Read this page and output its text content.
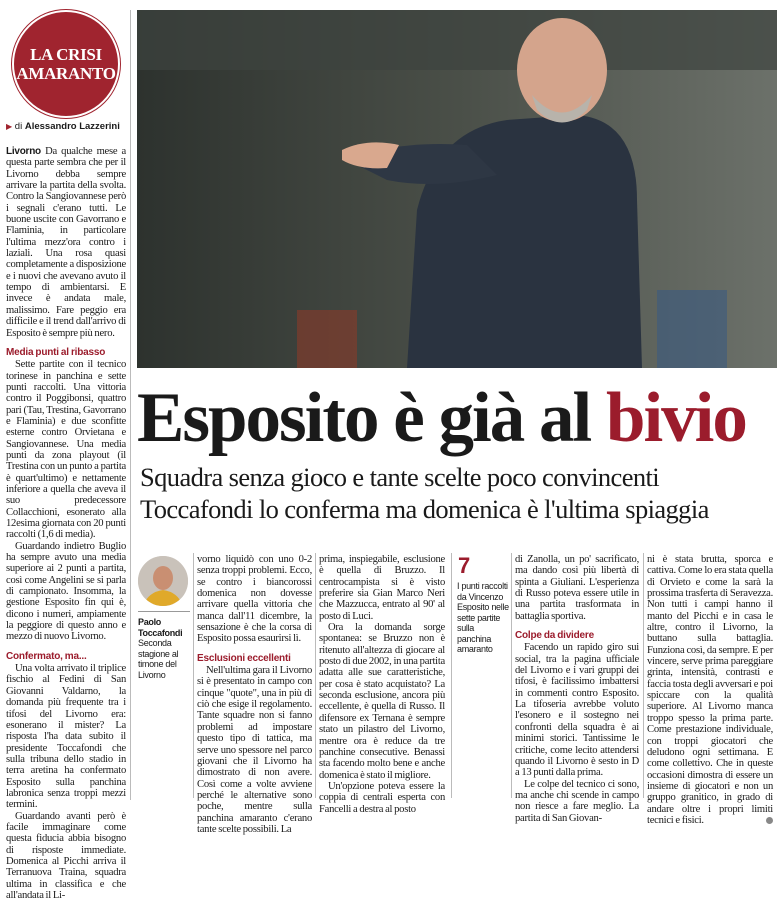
LA CRISI
AMARANTO
▶ di Alessandro Lazzerini

Livorno Da qualche mese a questa parte sembra che per il Livorno debba sempre arrivare la partita della svolta. Contro la Sangiovannese però i segnali c'erano tutti. Le buone uscite con Gavorrano e Flaminia, in particolare l'ultima mezz'ora contro i laziali. Una rosa quasi completamente a disposizione e i nuovi che avevano avuto il tempo di ambientarsi. E invece è andata male, malissimo. Fare peggio era difficile e il trend dall'arrivo di Esposito è sempre più nero.

Media punti al ribasso

Sette partite con il tecnico torinese in panchina e sette punti raccolti. Una vittoria contro il Poggibonsi, quattro pari (Tau, Trestina, Gavorrano e Flaminia) e due sconfitte esterne contro Orvietana e Sangiovannese. Una media punti da zona playout (il Trestina con un punto a partita è quart'ultimo) e nettamente inferiore a quella che aveva il suo predecessore Collacchioni, esonerato alla 12esima giornata con 20 punti raccolti (1,6 di media).

Guardando indietro Buglio ha sempre avuto una media superiore ai 2 punti a partita, così come Angelini se si parla di campionato. Insomma, la gestione Esposito fin qui è, dicono i numeri, ampiamente la peggiore di questo anno e mezzo di nuovo Livorno.

Confermato, ma...

Una volta arrivato il triplice fischio al Fedini di San Giovanni Valdarno, la domanda più frequente tra i tifosi del Livorno era: esonerano il mister? La risposta l'ha data subito il presidente Toccafondi che sulla tribuna dello stadio in terra aretina ha confermato Esposito sulla panchina labronica senza troppi mezzi termini.

Guardando avanti però è facile immaginare come questa fiducia abbia bisogno di risposte immediate. Domenica al Picchi arriva il Terranuova Traina, squadra ultima in classifica e che all'andata il Li-

Esposito è già al bivio
Squadra senza gioco e tante scelte poco convincenti
Toccafondi lo conferma ma domenica è l'ultima spiaggia
Paolo
Toccafondi
Seconda stagione al timone del Livorno

vorno liquidò con uno 0-2 senza troppi problemi. Ecco, se contro i biancorossi domenica non dovesse arrivare quella vittoria che manca dall'11 dicembre, la sensazione è che la corsa di Esposito possa esaurirsi lì.

Esclusioni eccellenti

Nell'ultima gara il Livorno si è presentato in campo con cinque "quote", una in più di ciò che esige il regolamento. Tante squadre non si fanno problemi ad impostare questo tipo di tattica, ma serve uno spessore nel parco giovani che il Livorno ha dimostrato di non avere. Così come a volte avviene perché le alternative sono poche, mentre sulla panchina amaranto c'erano tante scelte possibili. La

prima, inspiegabile, esclusione è quella di Bruzzo. Il centrocampista si è visto preferire sia Gian Marco Neri che Mazzucca, entrato al 90' al posto di Luci.

Ora la domanda sorge spontanea: se Bruzzo non è ritenuto all'altezza di giocare al posto di due 2002, in una partita adatta alle sue caratteristiche, per cosa è stato acquistato? La seconda esclusione, ancora più eccellente, è quella di Russo. Il difensore ex Ternana è sempre stato un pilastro del Livorno, mentre ora è reduce da tre panchine consecutive. Benassi sta facendo molto bene e anche domenica è stato il migliore.

Un'opzione poteva essere la coppia di centrali esperta con Fancelli a destra al posto

7
I punti raccolti da Vincenzo Esposito nelle sette partite sulla panchina amaranto

di Zanolla, un po' sacrificato, ma dando così più libertà di spinta a Giuliani. L'esperienza di Russo poteva essere utile in una partita trasformata in battaglia sportiva.

Colpe da dividere

Facendo un rapido giro sui social, tra la pagina ufficiale del Livorno e i vari gruppi dei tifosi, è facilissimo imbattersi in commenti contro Esposito. La tifoseria avrebbe voluto l'esonero e il sostegno nei confronti della squadra è ai minimi storici. Tantissime le critiche, come lecito attendersi quando il Livorno è sesto in D a 13 punti dalla prima.

Le colpe del tecnico ci sono, ma anche chi scende in campo non riesce a fare meglio. La partita di San Giovan-

ni è stata brutta, sporca e cattiva. Come lo era stata quella di Orvieto e come la sarà la prossima trasferta di Seravezza. Non tutti i campi hanno il manto del Picchi e in casa le altre, contro il Livorno, la buttano sulla battaglia. Funziona così, da sempre. E per vincere, serve prima pareggiare grinta, intensità, contrasti e faccia tosta degli avversari e poi spiccare con la qualità superiore. Al Livorno manca troppo spesso la prima parte. Come prestazione individuale, con troppi giocatori che deludono ogni settimana. E come collettivo. Che in queste occasioni dimostra di essere un insieme di giocatori e non un gruppo granitico, in grado di andare oltre i propri limiti tecnici e fisici.
